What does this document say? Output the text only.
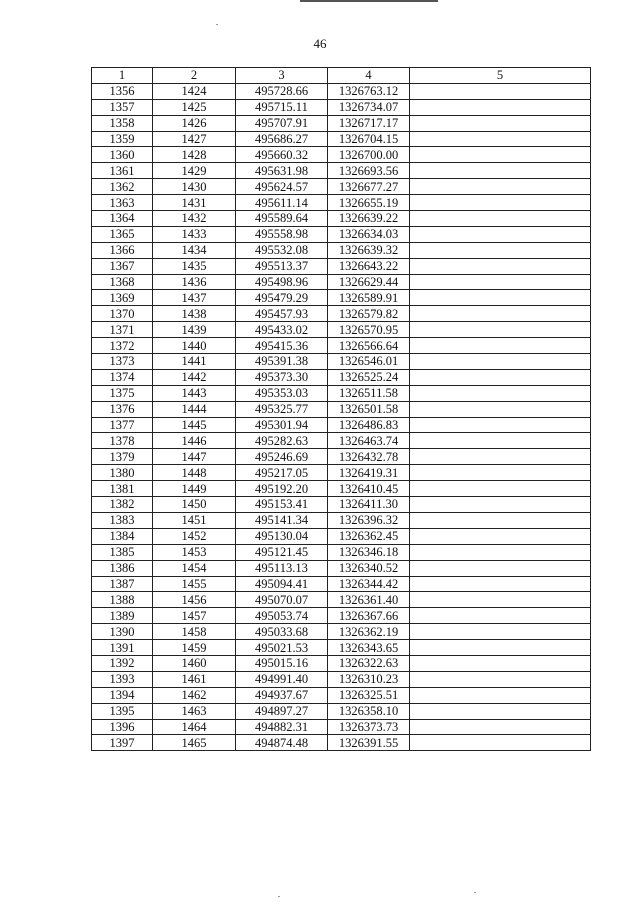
46
1	2	3	4	5
1356	1424	495728.66	1326763.12	
1357	1425	495715.11	1326734.07	
1358	1426	495707.91	1326717.17	
1359	1427	495686.27	1326704.15	
1360	1428	495660.32	1326700.00	
1361	1429	495631.98	1326693.56	
1362	1430	495624.57	1326677.27	
1363	1431	495611.14	1326655.19	
1364	1432	495589.64	1326639.22	
1365	1433	495558.98	1326634.03	
1366	1434	495532.08	1326639.32	
1367	1435	495513.37	1326643.22	
1368	1436	495498.96	1326629.44	
1369	1437	495479.29	1326589.91	
1370	1438	495457.93	1326579.82	
1371	1439	495433.02	1326570.95	
1372	1440	495415.36	1326566.64	
1373	1441	495391.38	1326546.01	
1374	1442	495373.30	1326525.24	
1375	1443	495353.03	1326511.58	
1376	1444	495325.77	1326501.58	
1377	1445	495301.94	1326486.83	
1378	1446	495282.63	1326463.74	
1379	1447	495246.69	1326432.78	
1380	1448	495217.05	1326419.31	
1381	1449	495192.20	1326410.45	
1382	1450	495153.41	1326411.30	
1383	1451	495141.34	1326396.32	
1384	1452	495130.04	1326362.45	
1385	1453	495121.45	1326346.18	
1386	1454	495113.13	1326340.52	
1387	1455	495094.41	1326344.42	
1388	1456	495070.07	1326361.40	
1389	1457	495053.74	1326367.66	
1390	1458	495033.68	1326362.19	
1391	1459	495021.53	1326343.65	
1392	1460	495015.16	1326322.63	
1393	1461	494991.40	1326310.23	
1394	1462	494937.67	1326325.51	
1395	1463	494897.27	1326358.10	
1396	1464	494882.31	1326373.73	
1397	1465	494874.48	1326391.55	
